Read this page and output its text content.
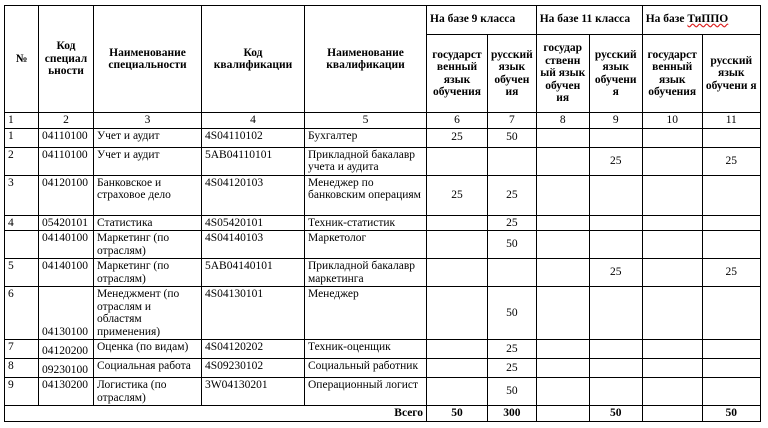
№	Код специал ьности	Наименование специальности	Код квалификации	Наименование квалификации	На базе 9 класса		На базе 11 класса		На базе ТиППО	
					государст венный язык обучения	русский язык обучен ия	государ ственн ый язык обучен ия	русский язык обучени я	государст венный язык обучения	русский язык обучени я
1	2	3	4	5	6	7	8	9	10	11
1	04110100	Учет и аудит	4S04110102	Бухгалтер	25	50				
2	04110100	Учет и аудит	5AB04110101	Прикладной бакалавр учета и аудита				25		25
3	04120100	Банковское и страховое дело	4S04120103	Менеджер по банковским операциям	25	25				
4	05420101	Статистика	4S05420101	Техник-статистик		25				
	04140100	Маркетинг (по отраслям)	4S04140103	Маркетолог		50				
5	04140100	Маркетинг (по отраслям)	5AB04140101	Прикладной бакалавр маркетинга				25		25
6	04130100	Менеджмент (по отраслям и областям применения)	4S04130101	Менеджер		50				
7	04120200	Оценка (по видам)	4S04120202	Техник-оценщик		25				
8	09230100	Социальная работа	4S09230102	Социальный работник		25				
9	04130200	Логистика (по отраслям)	3W04130201	Операционный логист		50				
Всего					50	300		50		50
